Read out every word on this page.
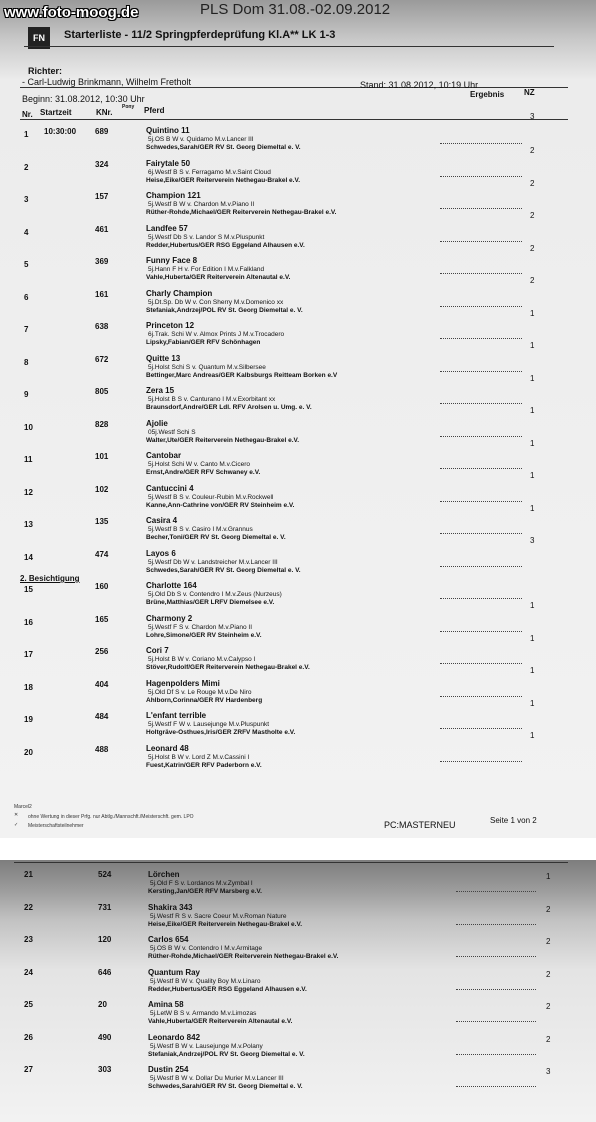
PLS Dom 31.08.-02.09.2012
FN	Starterliste - 11/2 Springpferdeprüfung Kl.A** LK 1-3
Richter:
- Carl-Ludwig Brinkmann, Wilhelm Fretholt	Stand: 31.08.2012, 10:19 Uhr
Beginn: 31.08.2012, 10:30 Uhr	Ergebnis NZ
Nr. Startzeit	KNr.
Pony Pferd
3
1 10:30:00 689	Quintino 11
5j.OS B W v. Quidamo M.v.Lancer III
Schwedes,Sarah/GER RV St. Georg Diemeltal e. V.	2
2	324	Fairytale 50
6j.Westf B S v. Ferragamo M.v.Saint Cloud
Heise,Eike/GER Reiterverein Nethegau-Brakel e.V.	2
3	157	Champion 121
5j.Westf B W v. Chardon M.v.Piano II
Rüther-Rohde,Michael/GER Reiterverein Nethegau-Brakel e.V.	2
4	461	Landfee 57
5j.Westf Db S v. Landor S M.v.Pluspunkt
Redder,Hubertus/GER RSG Eggeland Alhausen e.V.	2
5	369	Funny Face 8
5j.Hann F H v. For Edition I M.v.Falkland
Vahle,Huberta/GER Reiterverein Altenautal e.V.	2
6	161	Charly Champion
5j.Dt.Sp. Db W v. Con Sherry M.v.Domenico xx
Stefaniak,Andrzej/POL RV St. Georg Diemeltal e. V.	1
7	638	Princeton 12
6j.Trak. Schi W v. Almox Prints J M.v.Trocadero
Lipsky,Fabian/GER RFV Schönhagen	1
8	672	Quitte 13
5j.Holst Schi S v. Quantum M.v.Silbersee
Bettinger,Marc Andreas/GER Kalbsburgs Reitteam Borken e.V	1
9	805	Zera 15
5j.Holst B S v. Canturano I M.v.Exorbitant xx
Braunsdorf,Andre/GER Ldl. RFV Arolsen u. Umg. e. V.	1
10	828	Ajolie
05j.Westf Schi S
Walter,Ute/GER Reiterverein Nethegau-Brakel e.V.	1
11	101	Cantobar
5j.Holst Schi W v. Canto M.v.Cicero
Ernst,Andre/GER RFV Schwaney e.V.	1
12	102	Cantuccini 4
5j.Westf B S v. Couleur-Rubin M.v.Rockwell
Kanne,Ann-Cathrine von/GER RV Steinheim e.V.	1
13	135	Casira 4
5j.Westf B S v. Casiro I M.v.Grannus
Becher,Toni/GER RV St. Georg Diemeltal e. V.	3
14	474	Layos 6
5j.Westf Db W v. Landstreicher M.v.Lancer III
Schwedes,Sarah/GER RV St. Georg Diemeltal e. V.
2. Besichtigung
15	160	Charlotte 164
5j.Old Db S v. Contendro I M.v.Zeus (Nurzeus)
Brüne,Matthias/GER LRFV Diemelsee e.V.	1
16	165	Charmony 2
5j.Westf F S v. Chardon M.v.Piano II
Lohre,Simone/GER RV Steinheim e.V.	1
17	256	Cori 7
5j.Holst B W v. Coriano M.v.Calypso I
Stöver,Rudolf/GER Reiterverein Nethegau-Brakel e.V.	1
18	404	Hagenpolders Mimi
5j.Old Df S v. Le Rouge M.v.De Niro
Ahlborn,Corinna/GER RV Hardenberg	1
19	484	L'enfant terrible
5j.Westf F W v. Lausejunge M.v.Pluspunkt
Holtgräve-Osthues,Iris/GER ZRFV Mastholte e.V.	1
20	488	Leonard 48
5j.Holst B W v. Lord Z M.v.Cassini I
Fuest,Katrin/GER RFV Paderborn e.V.
Marcel2
✕ ohne Wertung in dieser Prfg. nur Abtlg./Mannschft./Meisterschft. gem. LPO
✓ Meisterschaftsteilnehmer	PC:MASTERNEU	Seite 1 von 2
21	524	Lörchen
5j.Old F S v. Lordanos M.v.Zymbal I
Kersting,Jan/GER RFV Marsberg e.V.
1
22	731	Shakira 343
5j.Westf R S v. Sacre Coeur M.v.Roman Nature
Heise,Eike/GER Reiterverein Nethegau-Brakel e.V.
2
23	120	Carlos 654
5j.OS B W v. Contendro I M.v.Armitage
Rüther-Rohde,Michael/GER Reiterverein Nethegau-Brakel e.V.
2
24	646	Quantum Ray
5j.Westf B W v. Quality Boy M.v.Linaro
Redder,Hubertus/GER RSG Eggeland Alhausen e.V.
2
25	20	Amina 58
5j.LetW B S v. Armando M.v.Limozas
Vahle,Huberta/GER Reiterverein Altenautal e.V.
2
26	490	Leonardo 842
5j.Westf B W v. Lausejunge M.v.Polany
Stefaniak,Andrzej/POL RV St. Georg Diemeltal e. V.
2
27	303	Dustin 254
5j.Westf B W v. Dollar Du Murier M.v.Lancer III
Schwedes,Sarah/GER RV St. Georg Diemeltal e. V.
3
www.foto-moog.de
